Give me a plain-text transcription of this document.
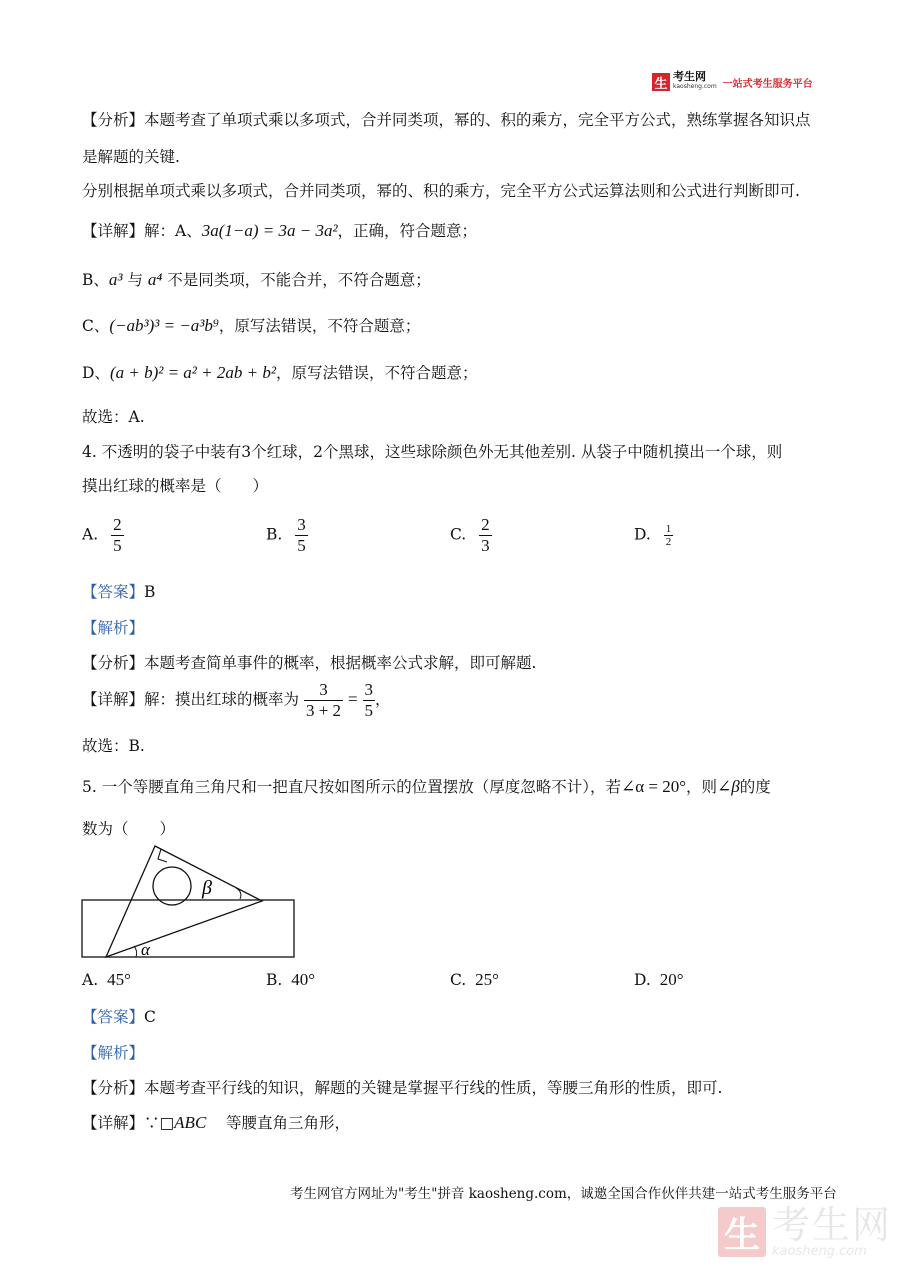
生 考生网
kaosheng.com 一站式考生服务平台
【分析】本题考查了单项式乘以多项式，合并同类项，幂的、积的乘方，完全平方公式，熟练掌握各知识点
是解题的关键.
分别根据单项式乘以多项式，合并同类项，幂的、积的乘方，完全平方公式运算法则和公式进行判断即可.
【详解】解：A、3a(1−a) = 3a − 3a²，正确，符合题意；
B、a³ 与 a⁴ 不是同类项，不能合并，不符合题意；
C、(−ab³)³ = −a³b⁹，原写法错误，不符合题意；
D、(a + b)² = a² + 2ab + b²，原写法错误，不符合题意；
故选：A.
4. 不透明的袋子中装有3个红球，2个黑球，这些球除颜色外无其他差别. 从袋子中随机摸出一个球，则
摸出红球的概率是（　　）
A. $\frac{2}{5}$	B. $\frac{3}{5}$	C. $\frac{2}{3}$	D. $\frac{1}{2}$
【答案】B
【解析】
【分析】本题考查简单事件的概率，根据概率公式求解，即可解题.
【详解】解：摸出红球的概率为 $\frac{3}{3 + 2} = \frac{3}{5}$ ，
故选：B.
5. 一个等腰直角三角尺和一把直尺按如图所示的位置摆放（厚度忽略不计），若∠α = 20°，则∠β的度
数为（　　）
β
α
A. 45°	B. 40°	C. 25°	D. 20°
【答案】C
【解析】
【分析】本题考查平行线的知识，解题的关键是掌握平行线的性质，等腰三角形的性质，即可.
【详解】∵□ABC 等腰直角三角形，
考生网官方网址为"考生"拼音 kaosheng.com，诚邀全国合作伙伴共建一站式考生服务平台
生 考生网
kaosheng.com
